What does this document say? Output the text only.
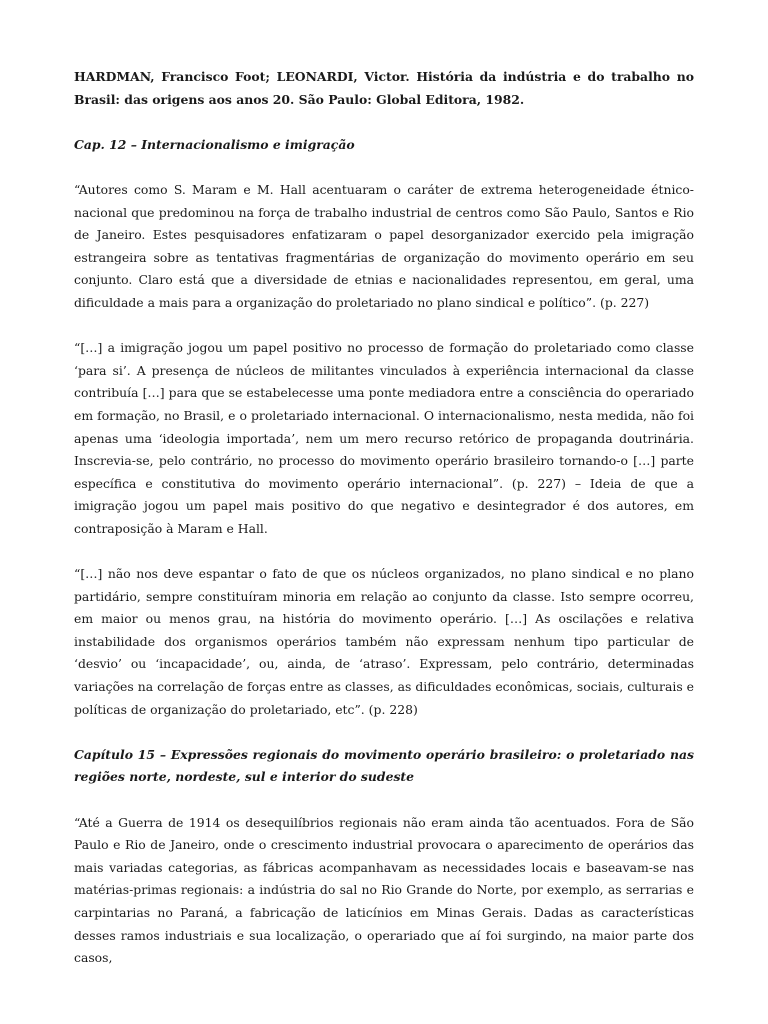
HARDMAN, Francisco Foot; LEONARDI, Victor. História da indústria e do trabalho no Brasil: das origens aos anos 20. São Paulo: Global Editora, 1982.

Cap. 12 – Internacionalismo e imigração

“Autores como S. Maram e M. Hall acentuaram o caráter de extrema heterogeneidade étnico-nacional que predominou na força de trabalho industrial de centros como São Paulo, Santos e Rio de Janeiro. Estes pesquisadores enfatizaram o papel desorganizador exercido pela imigração estrangeira sobre as tentativas fragmentárias de organização do movimento operário em seu conjunto. Claro está que a diversidade de etnias e nacionalidades representou, em geral, uma dificuldade a mais para a organização do proletariado no plano sindical e político”. (p. 227)

“[…] a imigração jogou um papel positivo no processo de formação do proletariado como classe ‘para si’. A presença de núcleos de militantes vinculados à experiência internacional da classe contribuía […] para que se estabelecesse uma ponte mediadora entre a consciência do operariado em formação, no Brasil, e o proletariado internacional. O internacionalismo, nesta medida, não foi apenas uma ‘ideologia importada’, nem um mero recurso retórico de propaganda doutrinária. Inscrevia-se, pelo contrário, no processo do movimento operário brasileiro tornando-o […] parte específica e constitutiva do movimento operário internacional”. (p. 227) – Ideia de que a imigração jogou um papel mais positivo do que negativo e desintegrador é dos autores, em contraposição à Maram e Hall.

“[…] não nos deve espantar o fato de que os núcleos organizados, no plano sindical e no plano partidário, sempre constituíram minoria em relação ao conjunto da classe. Isto sempre ocorreu, em maior ou menos grau, na história do movimento operário. […] As oscilações e relativa instabilidade dos organismos operários também não expressam nenhum tipo particular de ‘desvio’ ou ‘incapacidade’, ou, ainda, de ‘atraso’. Expressam, pelo contrário, determinadas variações na correlação de forças entre as classes, as dificuldades econômicas, sociais, culturais e políticas de organização do proletariado, etc”. (p. 228)

Capítulo 15 – Expressões regionais do movimento operário brasileiro: o proletariado nas regiões norte, nordeste, sul e interior do sudeste

“Até a Guerra de 1914 os desequilíbrios regionais não eram ainda tão acentuados. Fora de São Paulo e Rio de Janeiro, onde o crescimento industrial provocara o aparecimento de operários das mais variadas categorias, as fábricas acompanhavam as necessidades locais e baseavam-se nas matérias-primas regionais: a indústria do sal no Rio Grande do Norte, por exemplo, as serrarias e carpintarias no Paraná, a fabricação de laticínios em Minas Gerais. Dadas as características desses ramos industriais e sua localização, o operariado que aí foi surgindo, na maior parte dos casos,
